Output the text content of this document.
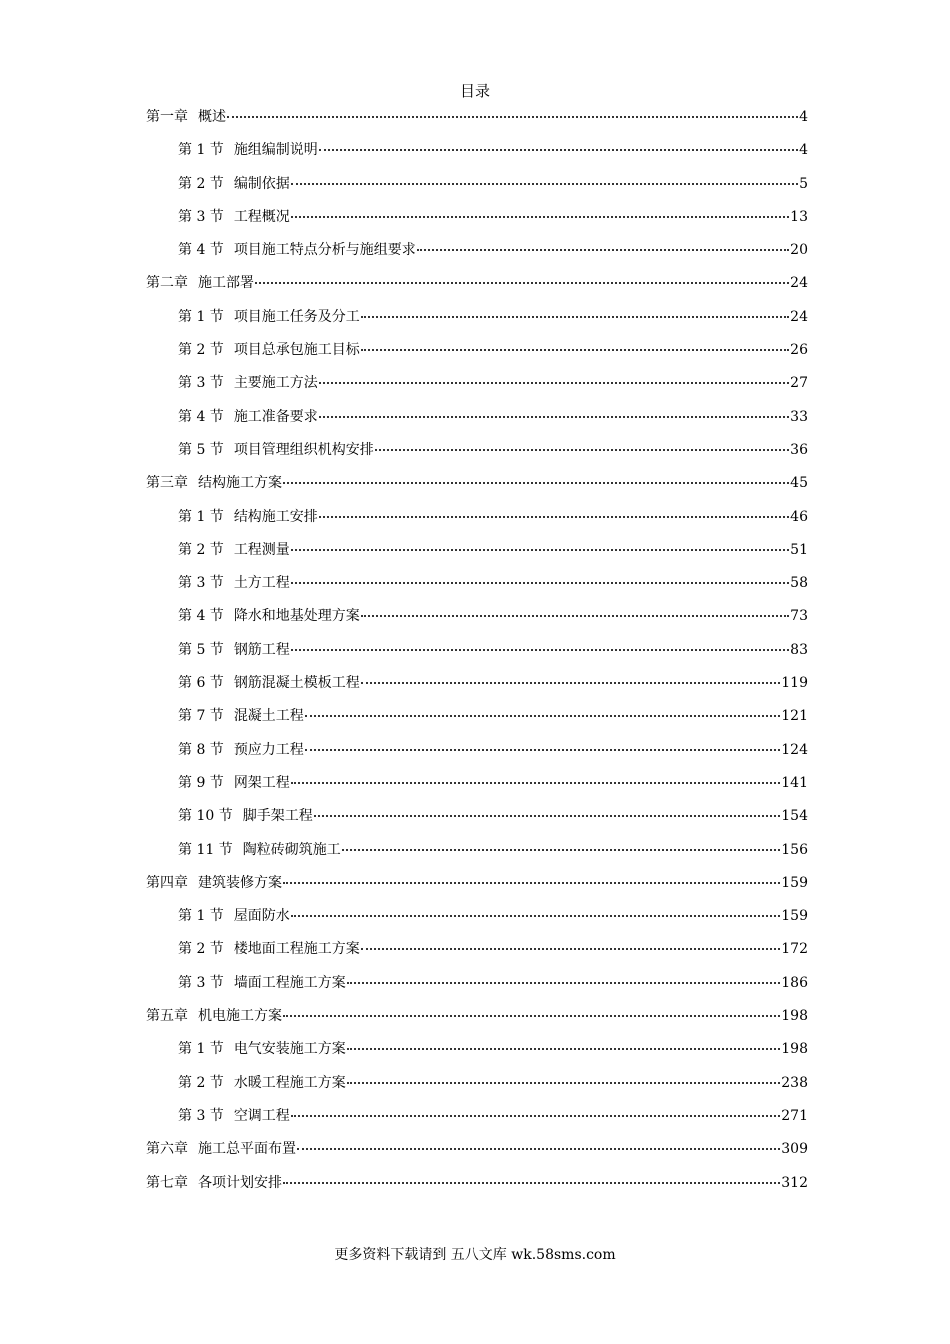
目录
第一章 概述	4
第 1 节 施组编制说明	4
第 2 节 编制依据	5
第 3 节 工程概况	13
第 4 节 项目施工特点分析与施组要求	20
第二章 施工部署	24
第 1 节 项目施工任务及分工	24
第 2 节 项目总承包施工目标	26
第 3 节 主要施工方法	27
第 4 节 施工准备要求	33
第 5 节 项目管理组织机构安排	36
第三章 结构施工方案	45
第 1 节 结构施工安排	46
第 2 节 工程测量	51
第 3 节 土方工程	58
第 4 节 降水和地基处理方案	73
第 5 节 钢筋工程	83
第 6 节 钢筋混凝土模板工程	119
第 7 节 混凝土工程	121
第 8 节 预应力工程	124
第 9 节 网架工程	141
第 10 节 脚手架工程	154
第 11 节 陶粒砖砌筑施工	156
第四章 建筑装修方案	159
第 1 节 屋面防水	159
第 2 节 楼地面工程施工方案	172
第 3 节 墙面工程施工方案	186
第五章 机电施工方案	198
第 1 节 电气安装施工方案	198
第 2 节 水暖工程施工方案	238
第 3 节 空调工程	271
第六章 施工总平面布置	309
第七章 各项计划安排	312
更多资料下载请到 五八文库 wk.58sms.com
